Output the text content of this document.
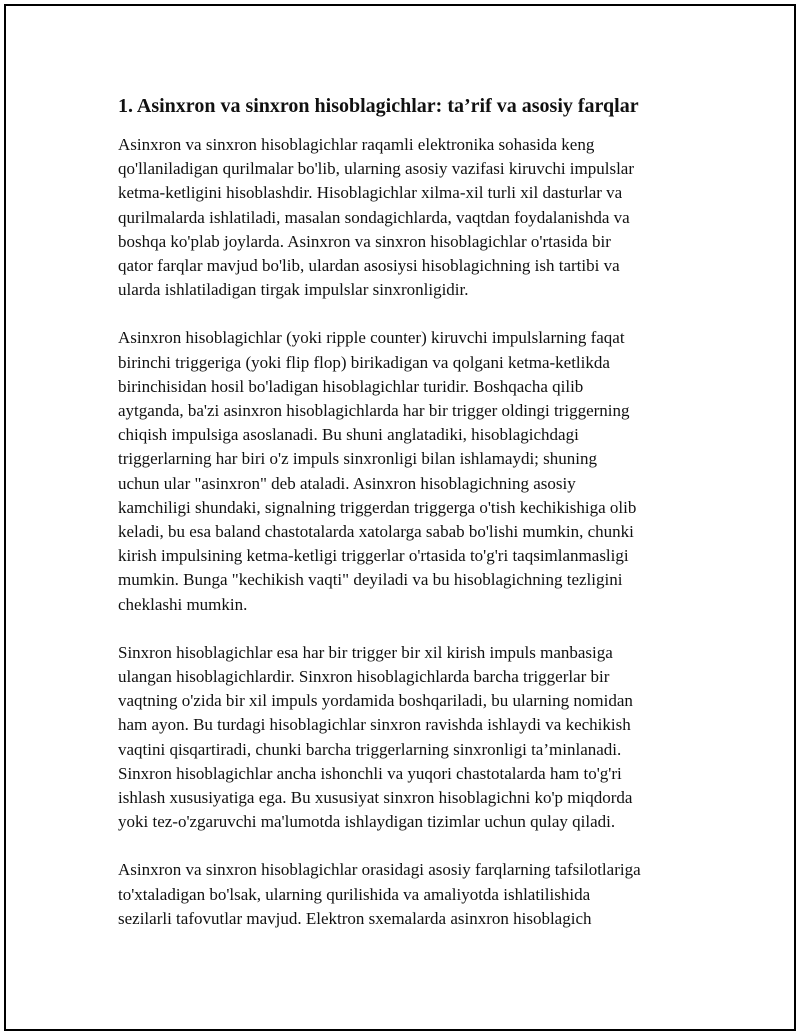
1. Asinxron va sinxron hisoblagichlar: ta’rif va asosiy farqlar

Asinxron va sinxron hisoblagichlar raqamli elektronika sohasida keng
qo'llaniladigan qurilmalar bo'lib, ularning asosiy vazifasi kiruvchi impulslar
ketma-ketligini hisoblashdir. Hisoblagichlar xilma-xil turli xil dasturlar va
qurilmalarda ishlatiladi, masalan sondagichlarda, vaqtdan foydalanishda va
boshqa ko'plab joylarda. Asinxron va sinxron hisoblagichlar o'rtasida bir
qator farqlar mavjud bo'lib, ulardan asosiysi hisoblagichning ish tartibi va
ularda ishlatiladigan tirgak impulslar sinxronligidir.

Asinxron hisoblagichlar (yoki ripple counter) kiruvchi impulslarning faqat
birinchi triggeriga (yoki flip flop) birikadigan va qolgani ketma-ketlikda
birinchisidan hosil bo'ladigan hisoblagichlar turidir. Boshqacha qilib
aytganda, ba'zi asinxron hisoblagichlarda har bir trigger oldingi triggerning
chiqish impulsiga asoslanadi. Bu shuni anglatadiki, hisoblagichdagi
triggerlarning har biri o'z impuls sinxronligi bilan ishlamaydi; shuning
uchun ular "asinxron" deb ataladi. Asinxron hisoblagichning asosiy
kamchiligi shundaki, signalning triggerdan triggerga o'tish kechikishiga olib
keladi, bu esa baland chastotalarda xatolarga sabab bo'lishi mumkin, chunki
kirish impulsining ketma-ketligi triggerlar o'rtasida to'g'ri taqsimlanmasligi
mumkin. Bunga "kechikish vaqti" deyiladi va bu hisoblagichning tezligini
cheklashi mumkin.

Sinxron hisoblagichlar esa har bir trigger bir xil kirish impuls manbasiga
ulangan hisoblagichlardir. Sinxron hisoblagichlarda barcha triggerlar bir
vaqtning o'zida bir xil impuls yordamida boshqariladi, bu ularning nomidan
ham ayon. Bu turdagi hisoblagichlar sinxron ravishda ishlaydi va kechikish
vaqtini qisqartiradi, chunki barcha triggerlarning sinxronligi ta’minlanadi.
Sinxron hisoblagichlar ancha ishonchli va yuqori chastotalarda ham to'g'ri
ishlash xususiyatiga ega. Bu xususiyat sinxron hisoblagichni ko'p miqdorda
yoki tez-o'zgaruvchi ma'lumotda ishlaydigan tizimlar uchun qulay qiladi.

Asinxron va sinxron hisoblagichlar orasidagi asosiy farqlarning tafsilotlariga
to'xtaladigan bo'lsak, ularning qurilishida va amaliyotda ishlatilishida
sezilarli tafovutlar mavjud. Elektron sxemalarda asinxron hisoblagich
